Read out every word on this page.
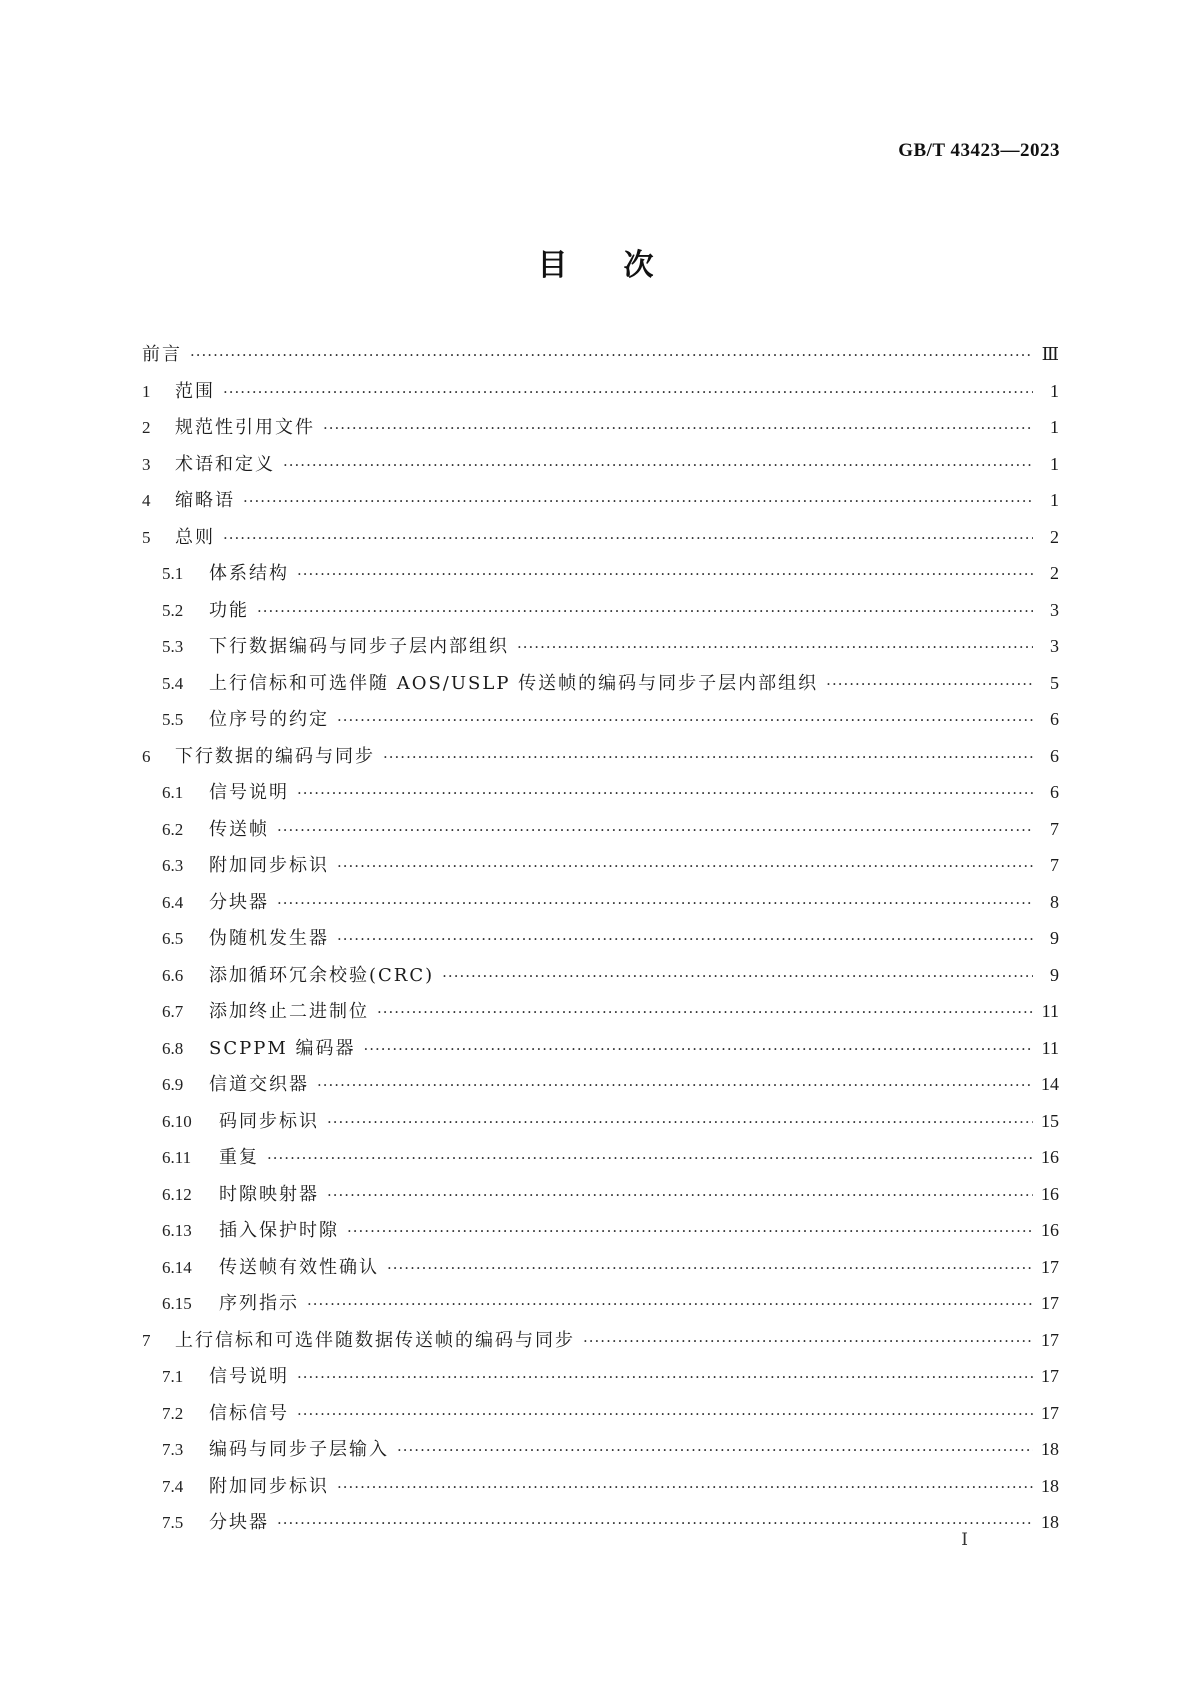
GB/T 43423—2023
目次
前言 ·····	Ⅲ
1	范围 ·····	1
2	规范性引用文件 ·····	1
3	术语和定义 ·····	1
4	缩略语 ·····	1
5	总则 ·····	2
5.1	体系结构 ·····	2
5.2	功能 ·····	3
5.3	下行数据编码与同步子层内部组织 ·····	3
5.4	上行信标和可选伴随 AOS/USLP 传送帧的编码与同步子层内部组织 ·····	5
5.5	位序号的约定 ·····	6
6	下行数据的编码与同步 ·····	6
6.1	信号说明 ·····	6
6.2	传送帧 ·····	7
6.3	附加同步标识 ·····	7
6.4	分块器 ·····	8
6.5	伪随机发生器 ·····	9
6.6	添加循环冗余校验(CRC) ·····	9
6.7	添加终止二进制位 ·····	11
6.8	SCPPM 编码器 ·····	11
6.9	信道交织器 ·····	14
6.10	码同步标识 ·····	15
6.11	重复 ·····	16
6.12	时隙映射器 ·····	16
6.13	插入保护时隙 ·····	16
6.14	传送帧有效性确认 ·····	17
6.15	序列指示 ·····	17
7	上行信标和可选伴随数据传送帧的编码与同步 ·····	17
7.1	信号说明 ·····	17
7.2	信标信号 ·····	17
7.3	编码与同步子层输入 ·····	18
7.4	附加同步标识 ·····	18
7.5	分块器 ·····	18
Ⅰ
